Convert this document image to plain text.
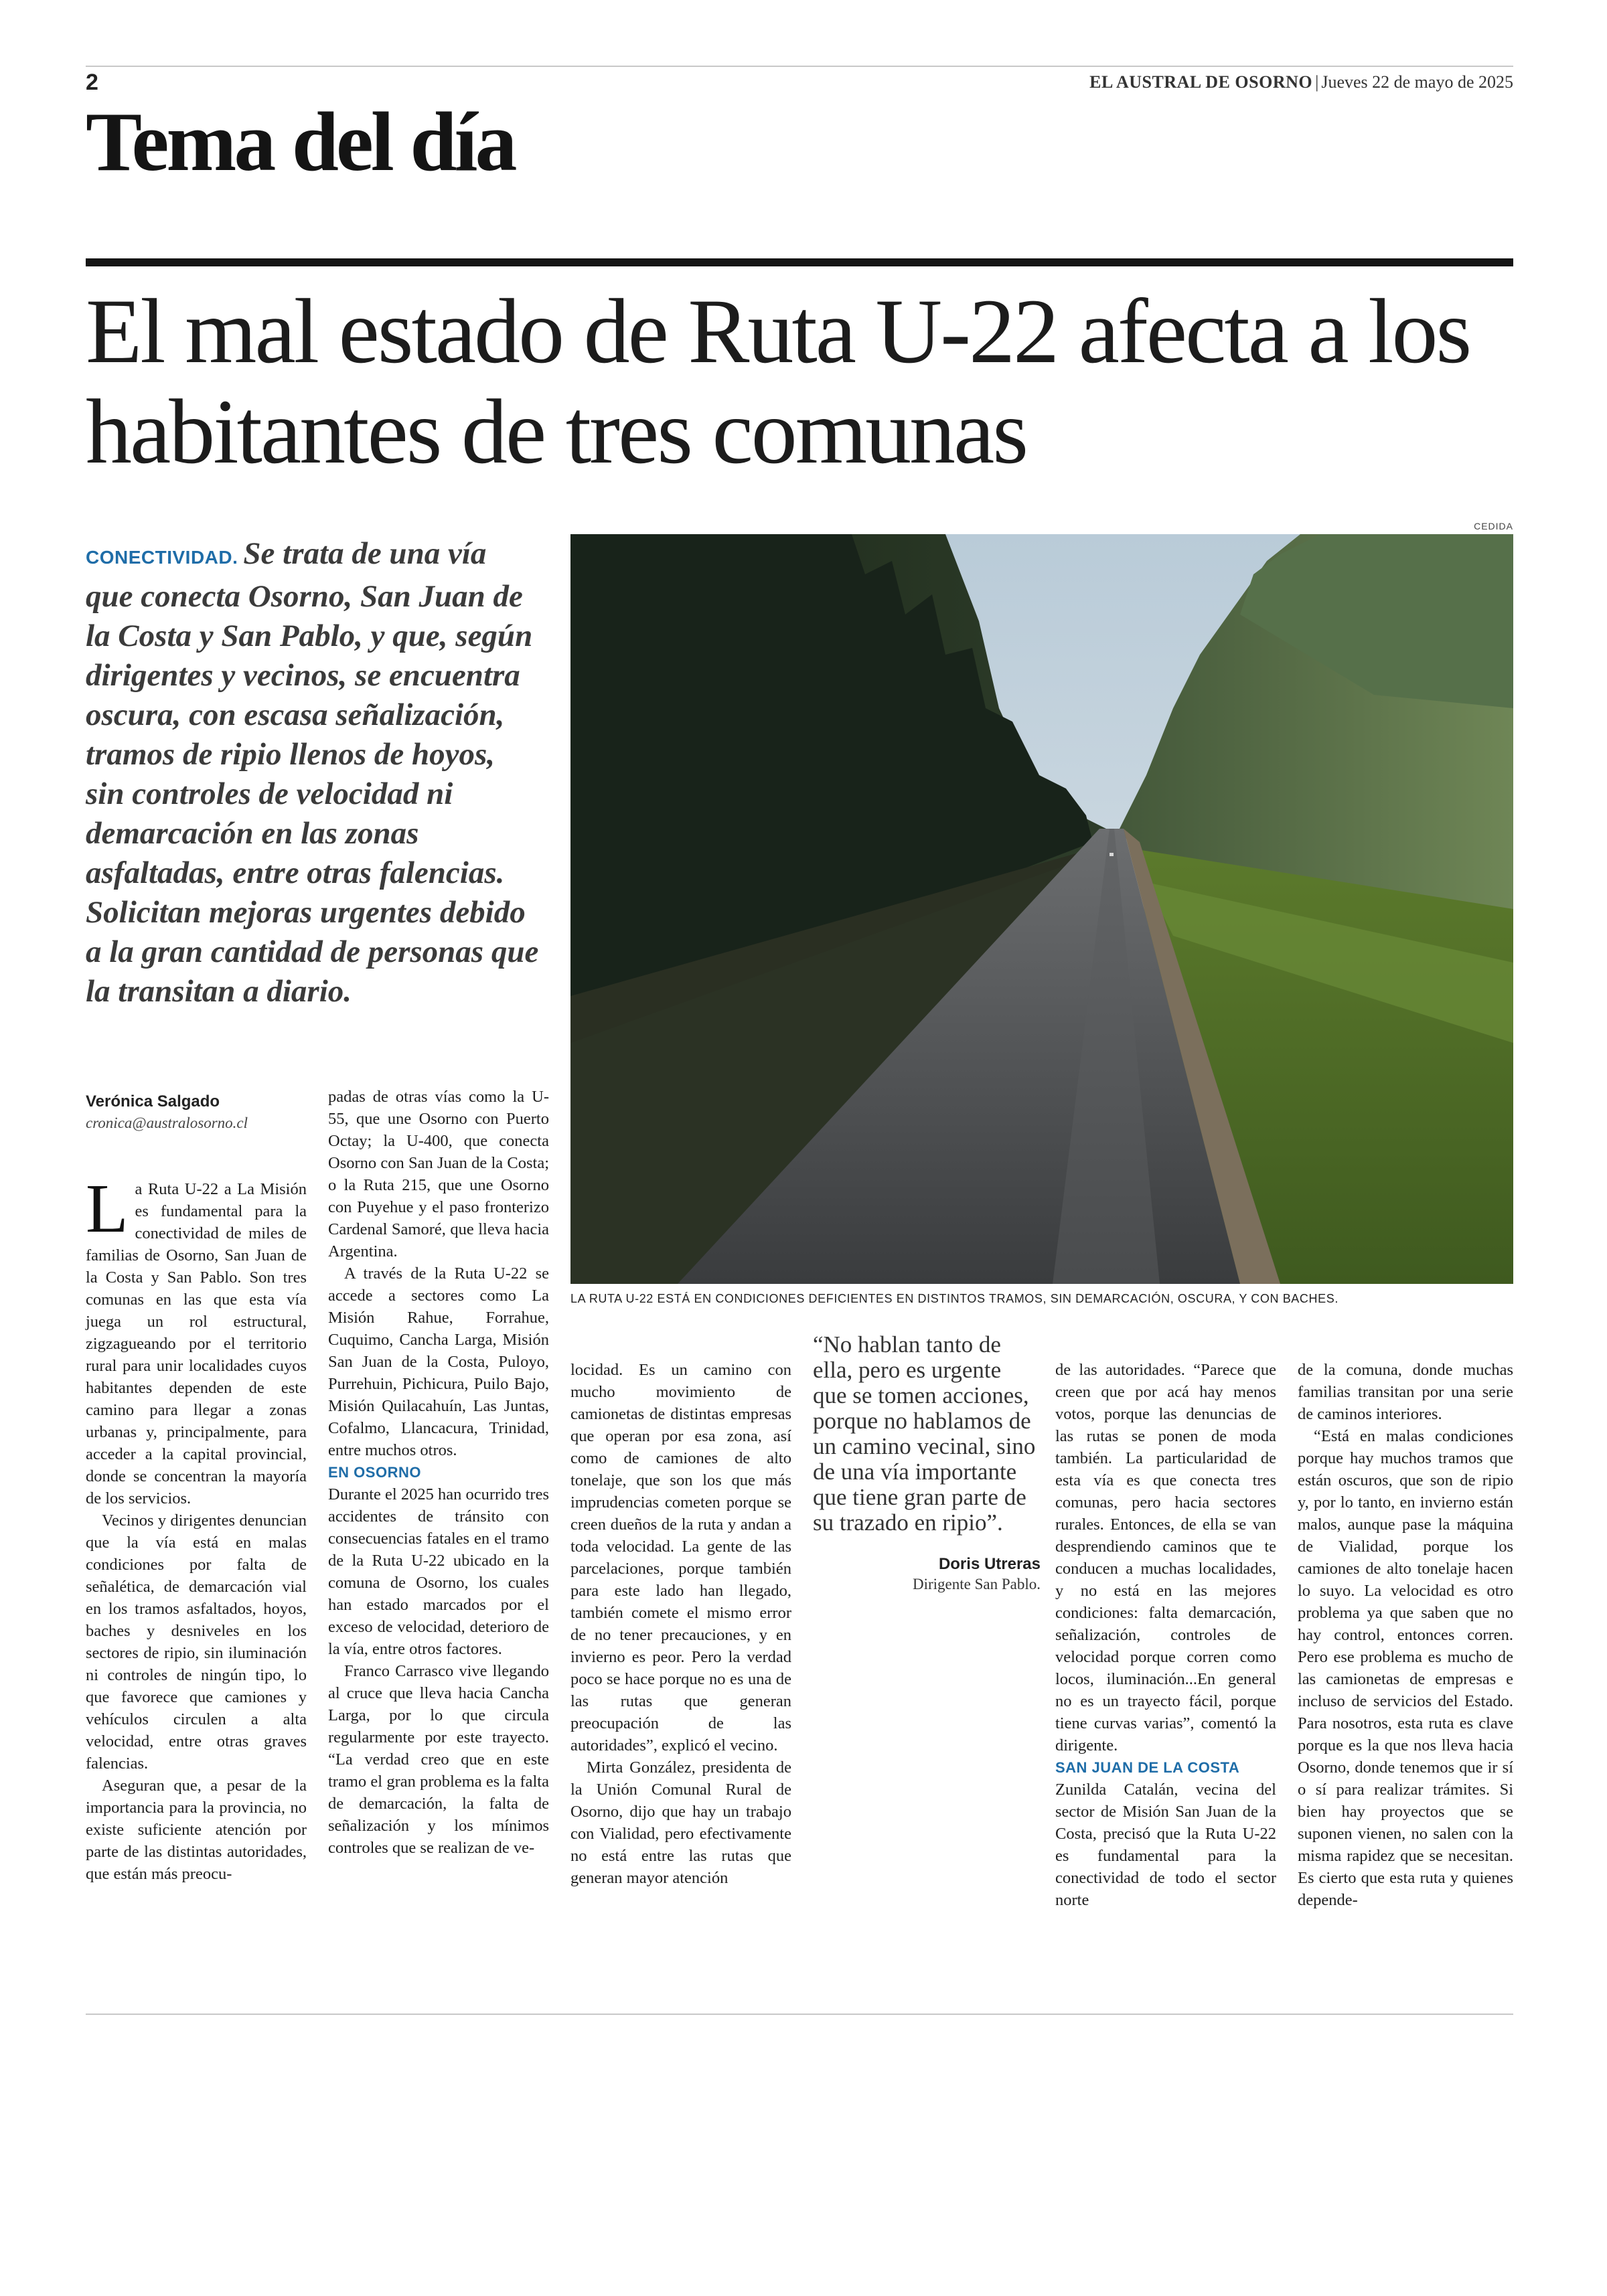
2	EL AUSTRAL DE OSORNO | Jueves 22 de mayo de 2025
Tema del día
El mal estado de Ruta U-22 afecta a los habitantes de tres comunas
CONECTIVIDAD. Se trata de una vía que conecta Osorno, San Juan de la Costa y San Pablo, y que, según dirigentes y vecinos, se encuentra oscura, con escasa señalización, tramos de ripio llenos de hoyos, sin controles de velocidad ni demarcación en las zonas asfaltadas, entre otras falencias. Solicitan mejoras urgentes debido a la gran cantidad de personas que la transitan a diario.
CEDIDA
LA RUTA U-22 ESTÁ EN CONDICIONES DEFICIENTES EN DISTINTOS TRAMOS, SIN DEMARCACIÓN, OSCURA, Y CON BACHES.
Verónica Salgado
cronica@australosorno.cl

La Ruta U-22 a La Misión es fundamental para la conectividad de miles de familias de Osorno, San Juan de la Costa y San Pablo. Son tres comunas en las que esta vía juega un rol estructural, zigzagueando por el territorio rural para unir localidades cuyos habitantes dependen de este camino para llegar a zonas urbanas y, principalmente, para acceder a la capital provincial, donde se concentran la mayoría de los servicios.

Vecinos y dirigentes denuncian que la vía está en malas condiciones por falta de señalética, de demarcación vial en los tramos asfaltados, hoyos, baches y desniveles en los sectores de ripio, sin iluminación ni controles de ningún tipo, lo que favorece que camiones y vehículos circulen a alta velocidad, entre otras graves falencias.

Aseguran que, a pesar de la importancia para la provincia, no existe suficiente atención por parte de las distintas autoridades, que están más preocu-

padas de otras vías como la U-55, que une Osorno con Puerto Octay; la U-400, que conecta Osorno con San Juan de la Costa; o la Ruta 215, que une Osorno con Puyehue y el paso fronterizo Cardenal Samoré, que lleva hacia Argentina.

A través de la Ruta U-22 se accede a sectores como La Misión Rahue, Forrahue, Cuquimo, Cancha Larga, Misión San Juan de la Costa, Puloyo, Purrehuin, Pichicura, Puilo Bajo, Misión Quilacahuín, Las Juntas, Cofalmo, Llancacura, Trinidad, entre muchos otros.

EN OSORNO

Durante el 2025 han ocurrido tres accidentes de tránsito con consecuencias fatales en el tramo de la Ruta U-22 ubicado en la comuna de Osorno, los cuales han estado marcados por el exceso de velocidad, deterioro de la vía, entre otros factores.

Franco Carrasco vive llegando al cruce que lleva hacia Cancha Larga, por lo que circula regularmente por este trayecto. “La verdad creo que en este tramo el gran problema es la falta de demarcación, la falta de señalización y los mínimos controles que se realizan de ve-

locidad. Es un camino con mucho movimiento de camionetas de distintas empresas que operan por esa zona, así como de camiones de alto tonelaje, que son los que más imprudencias cometen porque se creen dueños de la ruta y andan a toda velocidad. La gente de las parcelaciones, porque también para este lado han llegado, también comete el mismo error de no tener precauciones, y en invierno es peor. Pero la verdad poco se hace porque no es una de las rutas que generan preocupación de las autoridades”, explicó el vecino.

Mirta González, presidenta de la Unión Comunal Rural de Osorno, dijo que hay un trabajo con Vialidad, pero efectivamente no está entre las rutas que generan mayor atención

“No hablan tanto de ella, pero es urgente que se tomen acciones, porque no hablamos de un camino vecinal, sino de una vía importante que tiene gran parte de su trazado en ripio”.
Doris Utreras
Dirigente San Pablo.

de las autoridades. “Parece que creen que por acá hay menos votos, porque las denuncias de las rutas se ponen de moda también. La particularidad de esta vía es que conecta tres comunas, pero hacia sectores rurales. Entonces, de ella se van desprendiendo caminos que te conducen a muchas localidades, y no está en las mejores condiciones: falta demarcación, señalización, controles de velocidad porque corren como locos, iluminación...En general no es un trayecto fácil, porque tiene curvas varias”, comentó la dirigente.

SAN JUAN DE LA COSTA

Zunilda Catalán, vecina del sector de Misión San Juan de la Costa, precisó que la Ruta U-22 es fundamental para la conectividad de todo el sector norte

de la comuna, donde muchas familias transitan por una serie de caminos interiores.

“Está en malas condiciones porque hay muchos tramos que están oscuros, que son de ripio y, por lo tanto, en invierno están malos, aunque pase la máquina de Vialidad, porque los camiones de alto tonelaje hacen lo suyo. La velocidad es otro problema ya que saben que no hay control, entonces corren. Pero ese problema es mucho de las camionetas de empresas e incluso de servicios del Estado. Para nosotros, esta ruta es clave porque es la que nos lleva hacia Osorno, donde tenemos que ir sí o sí para realizar trámites. Si bien hay proyectos que se suponen vienen, no salen con la misma rapidez que se necesitan. Es cierto que esta ruta y quienes depende-
